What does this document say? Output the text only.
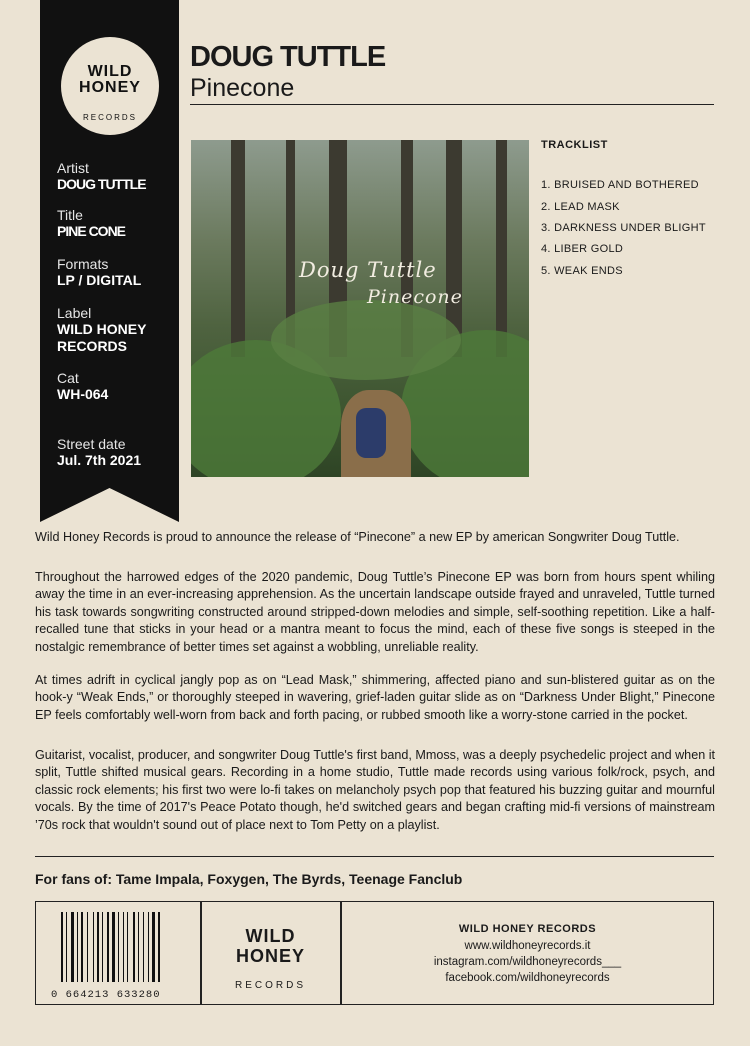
WILD
HONEY
RECORDS
Artist
DOUG TUTTLE
Title
PINE CONE
Formats
LP / DIGITAL
Label
WILD HONEY RECORDS
Cat
WH-064
Street date
Jul. 7th 2021
DOUG TUTTLE
Pinecone
Doug Tuttle
Pinecone
TRACKLIST
1. BRUISED AND BOTHERED
2. LEAD MASK
3. DARKNESS UNDER BLIGHT
4. LIBER GOLD
5. WEAK ENDS
Wild Honey Records is proud to announce the release of “Pinecone” a new EP by american Songwriter Doug Tuttle.
Throughout the harrowed edges of the 2020 pandemic, Doug Tuttle’s Pinecone EP was born from hours spent whiling away the time in an ever-increasing apprehension. As the uncertain landscape outside frayed and unraveled, Tuttle turned his task towards songwriting constructed around stripped-down melodies and simple, self-soothing repetition. Like a half-recalled tune that sticks in your head or a mantra meant to focus the mind, each of these five songs is steeped in the nostalgic remembrance of better times set against a wobbling, unreliable reality.
At times adrift in cyclical jangly pop as on “Lead Mask,” shimmering, affected piano and sun-blistered guitar as on the hook-y “Weak Ends,” or thoroughly steeped in wavering, grief-laden guitar slide as on “Darkness Under Blight,” Pinecone EP feels comfortably well-worn from back and forth pacing, or rubbed smooth like a worry-stone carried in the pocket.
Guitarist, vocalist, producer, and songwriter Doug Tuttle's first band, Mmoss, was a deeply psychedelic project and when it split, Tuttle shifted musical gears. Recording in a home studio, Tuttle made records using various folk/rock, psych, and classic rock elements; his first two were lo-fi takes on melancholy psych pop that featured his buzzing guitar and mournful vocals. By the time of 2017's Peace Potato though, he'd switched gears and began crafting mid-fi versions of mainstream ’70s rock that wouldn't sound out of place next to Tom Petty on a playlist.
For fans of: Tame Impala, Foxygen, The Byrds, Teenage Fanclub
0 664213 633280
WILD
HONEY
RECORDS
WILD HONEY RECORDS
www.wildhoneyrecords.it
instagram.com/wildhoneyrecords___
facebook.com/wildhoneyrecords
